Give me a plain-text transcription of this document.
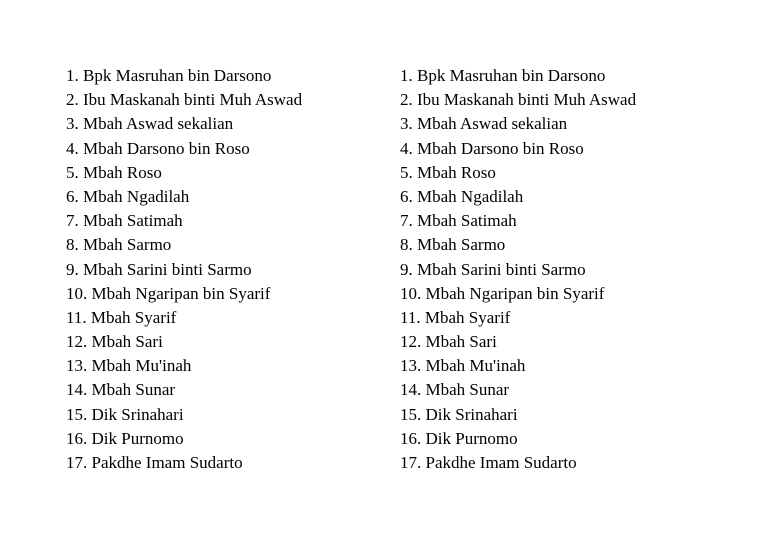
1. Bpk Masruhan bin Darsono
2. Ibu Maskanah binti Muh Aswad
3. Mbah Aswad sekalian
4. Mbah Darsono bin Roso
5. Mbah Roso
6. Mbah Ngadilah
7. Mbah Satimah
8. Mbah Sarmo
9. Mbah Sarini binti Sarmo
10. Mbah Ngaripan bin Syarif
11. Mbah Syarif
12. Mbah Sari
13. Mbah Mu'inah
14. Mbah Sunar
15. Dik Srinahari
16. Dik Purnomo
17. Pakdhe Imam Sudarto
1. Bpk Masruhan bin Darsono
2. Ibu Maskanah binti Muh Aswad
3. Mbah Aswad sekalian
4. Mbah Darsono bin Roso
5. Mbah Roso
6. Mbah Ngadilah
7. Mbah Satimah
8. Mbah Sarmo
9. Mbah Sarini binti Sarmo
10. Mbah Ngaripan bin Syarif
11. Mbah Syarif
12. Mbah Sari
13. Mbah Mu'inah
14. Mbah Sunar
15. Dik Srinahari
16. Dik Purnomo
17. Pakdhe Imam Sudarto
